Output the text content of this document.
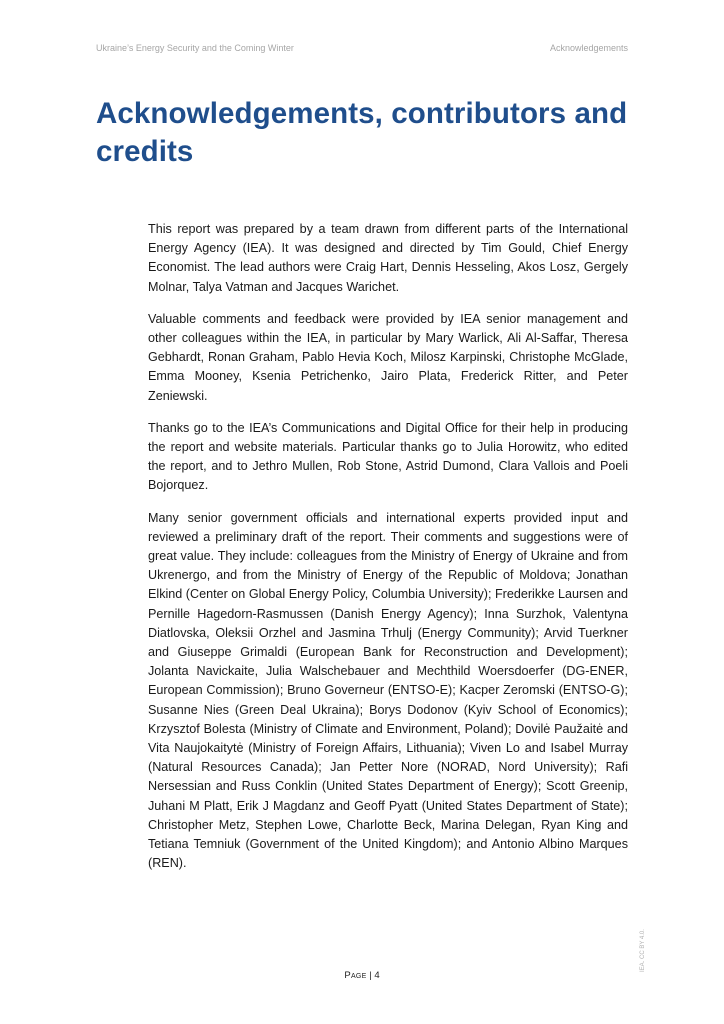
Ukraine’s Energy Security and the Coming Winter	Acknowledgements
Acknowledgements, contributors and credits

This report was prepared by a team drawn from different parts of the International Energy Agency (IEA). It was designed and directed by Tim Gould, Chief Energy Economist. The lead authors were Craig Hart, Dennis Hesseling, Akos Losz, Gergely Molnar, Talya Vatman and Jacques Warichet.

Valuable comments and feedback were provided by IEA senior management and other colleagues within the IEA, in particular by Mary Warlick, Ali Al-Saffar, Theresa Gebhardt, Ronan Graham, Pablo Hevia Koch, Milosz Karpinski, Christophe McGlade, Emma Mooney, Ksenia Petrichenko, Jairo Plata, Frederick Ritter, and Peter Zeniewski.

Thanks go to the IEA’s Communications and Digital Office for their help in producing the report and website materials. Particular thanks go to Julia Horowitz, who edited the report, and to Jethro Mullen, Rob Stone, Astrid Dumond, Clara Vallois and Poeli Bojorquez.

Many senior government officials and international experts provided input and reviewed a preliminary draft of the report. Their comments and suggestions were of great value. They include: colleagues from the Ministry of Energy of Ukraine and from Ukrenergo, and from the Ministry of Energy of the Republic of Moldova; Jonathan Elkind (Center on Global Energy Policy, Columbia University); Frederikke Laursen and Pernille Hagedorn-Rasmussen (Danish Energy Agency); Inna Surzhok, Valentyna Diatlovska, Oleksii Orzhel and Jasmina Trhulj (Energy Community); Arvid Tuerkner and Giuseppe Grimaldi (European Bank for Reconstruction and Development); Jolanta Navickaite, Julia Walschebauer and Mechthild Woersdoerfer (DG-ENER, European Commission); Bruno Governeur (ENTSO-E); Kacper Zeromski (ENTSO-G); Susanne Nies (Green Deal Ukraina); Borys Dodonov (Kyiv School of Economics); Krzysztof Bolesta (Ministry of Climate and Environment, Poland); Dovilė Paužaitė and Vita Naujokaitytė (Ministry of Foreign Affairs, Lithuania); Viven Lo and Isabel Murray (Natural Resources Canada); Jan Petter Nore (NORAD, Nord University); Rafi Nersessian and Russ Conklin (United States Department of Energy); Scott Greenip, Juhani M Platt, Erik J Magdanz and Geoff Pyatt (United States Department of State); Christopher Metz, Stephen Lowe, Charlotte Beck, Marina Delegan, Ryan King and Tetiana Temniuk (Government of the United Kingdom); and Antonio Albino Marques (REN).

Page | 4
IEA. CC BY 4.0.
